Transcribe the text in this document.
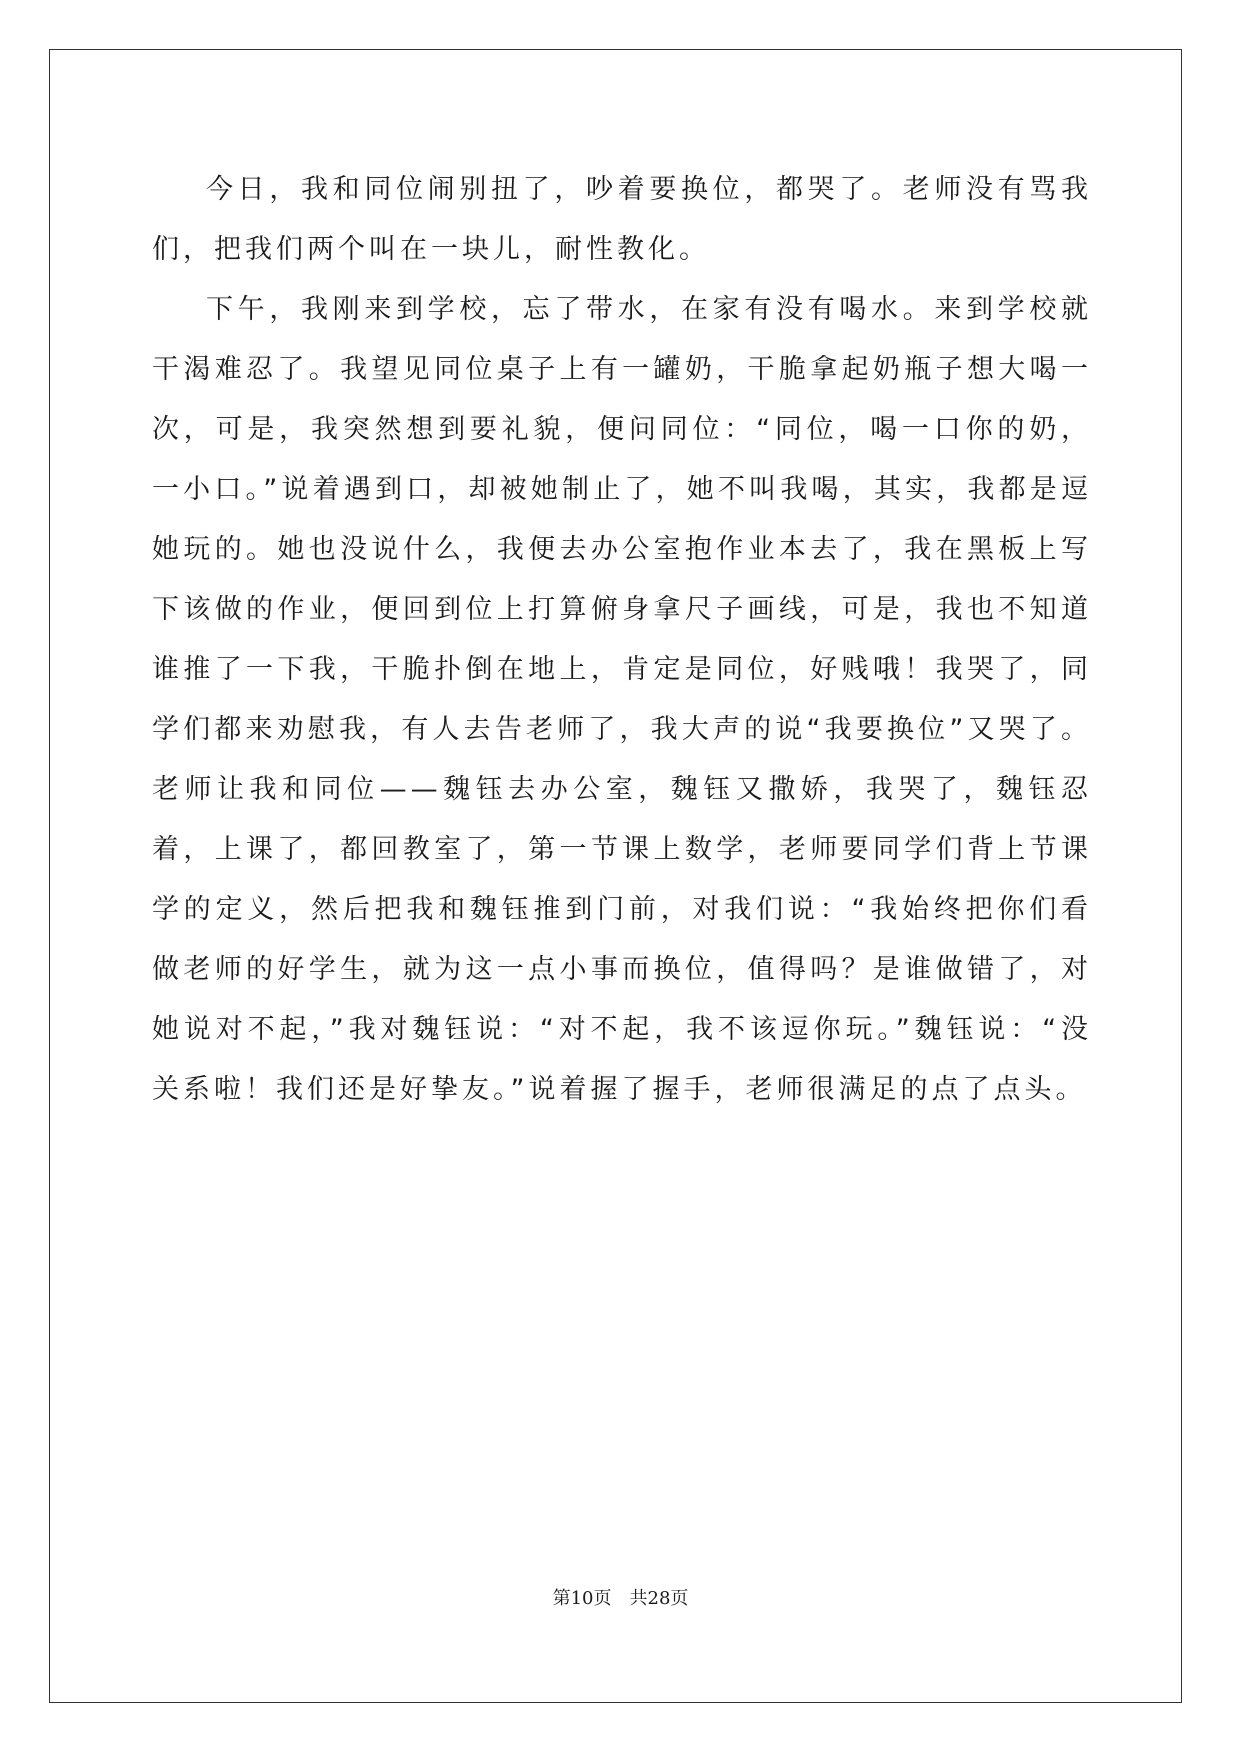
今日，我和同位闹别扭了，吵着要换位，都哭了。老师没有骂我们，把我们两个叫在一块儿，耐性教化。

下午，我刚来到学校，忘了带水，在家有没有喝水。来到学校就干渴难忍了。我望见同位桌子上有一罐奶，干脆拿起奶瓶子想大喝一次，可是，我突然想到要礼貌，便问同位：“同位，喝一口你的奶，一小口。”说着遇到口，却被她制止了，她不叫我喝，其实，我都是逗她玩的。她也没说什么，我便去办公室抱作业本去了，我在黑板上写下该做的作业，便回到位上打算俯身拿尺子画线，可是，我也不知道谁推了一下我，干脆扑倒在地上，肯定是同位，好贱哦！我哭了，同学们都来劝慰我，有人去告老师了，我大声的说“我要换位”又哭了。老师让我和同位——魏钰去办公室，魏钰又撒娇，我哭了，魏钰忍着，上课了，都回教室了，第一节课上数学，老师要同学们背上节课学的定义，然后把我和魏钰推到门前，对我们说：“我始终把你们看做老师的好学生，就为这一点小事而换位，值得吗？是谁做错了，对她说对不起，”我对魏钰说：“对不起，我不该逗你玩。”魏钰说：“没关系啦！我们还是好挚友。”说着握了握手，老师很满足的点了点头。

第10页　共28页
